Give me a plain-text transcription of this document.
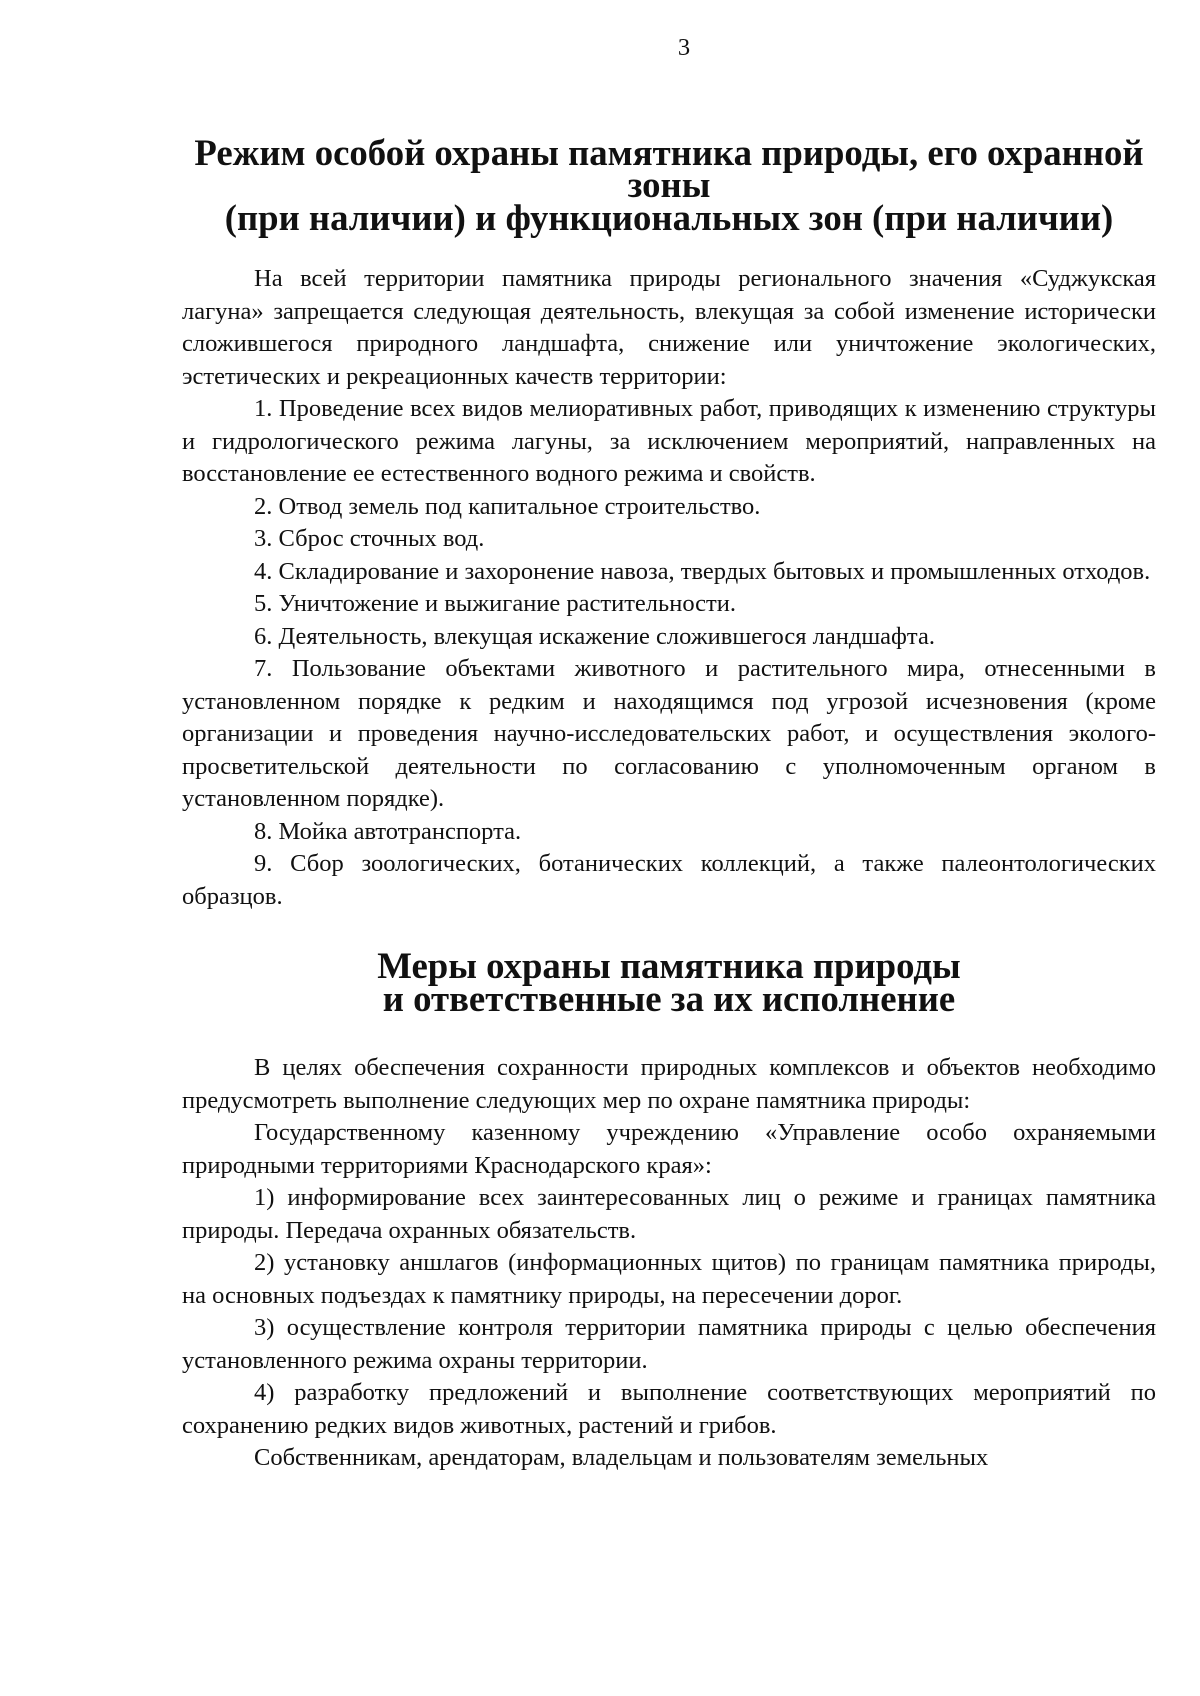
3
Режим особой охраны памятника природы, его охранной зоны
(при наличии) и функциональных зон (при наличии)

На всей территории памятника природы регионального значения «Суджукская лагуна» запрещается следующая деятельность, влекущая за собой изменение исторически сложившегося природного ландшафта, снижение или уничтожение экологических, эстетических и рекреационных качеств территории:

1. Проведение всех видов мелиоративных работ, приводящих к изменению структуры и гидрологического режима лагуны, за исключением мероприятий, направленных на восстановление ее естественного водного режима и свойств.

2. Отвод земель под капитальное строительство.

3. Сброс сточных вод.

4. Складирование и захоронение навоза, твердых бытовых и промышленных отходов.

5. Уничтожение и выжигание растительности.

6. Деятельность, влекущая искажение сложившегося ландшафта.

7. Пользование объектами животного и растительного мира, отнесенными в установленном порядке к редким и находящимся под угрозой исчезновения (кроме организации и проведения научно-исследовательских работ, и осуществления эколого-просветительской деятельности по согласованию с уполномоченным органом в установленном порядке).

8. Мойка автотранспорта.

9. Сбор зоологических, ботанических коллекций, а также палеонтологических образцов.

Меры охраны памятника природы
и ответственные за их исполнение

В целях обеспечения сохранности природных комплексов и объектов необходимо предусмотреть выполнение следующих мер по охране памятника природы:

Государственному казенному учреждению «Управление особо охраняемыми природными территориями Краснодарского края»:

1) информирование всех заинтересованных лиц о режиме и границах памятника природы. Передача охранных обязательств.

2) установку аншлагов (информационных щитов) по границам памятника природы, на основных подъездах к памятнику природы, на пересечении дорог.

3) осуществление контроля территории памятника природы с целью обеспечения установленного режима охраны территории.

4) разработку предложений и выполнение соответствующих мероприятий по сохранению редких видов животных, растений и грибов.

Собственникам, арендаторам, владельцам и пользователям земельных
